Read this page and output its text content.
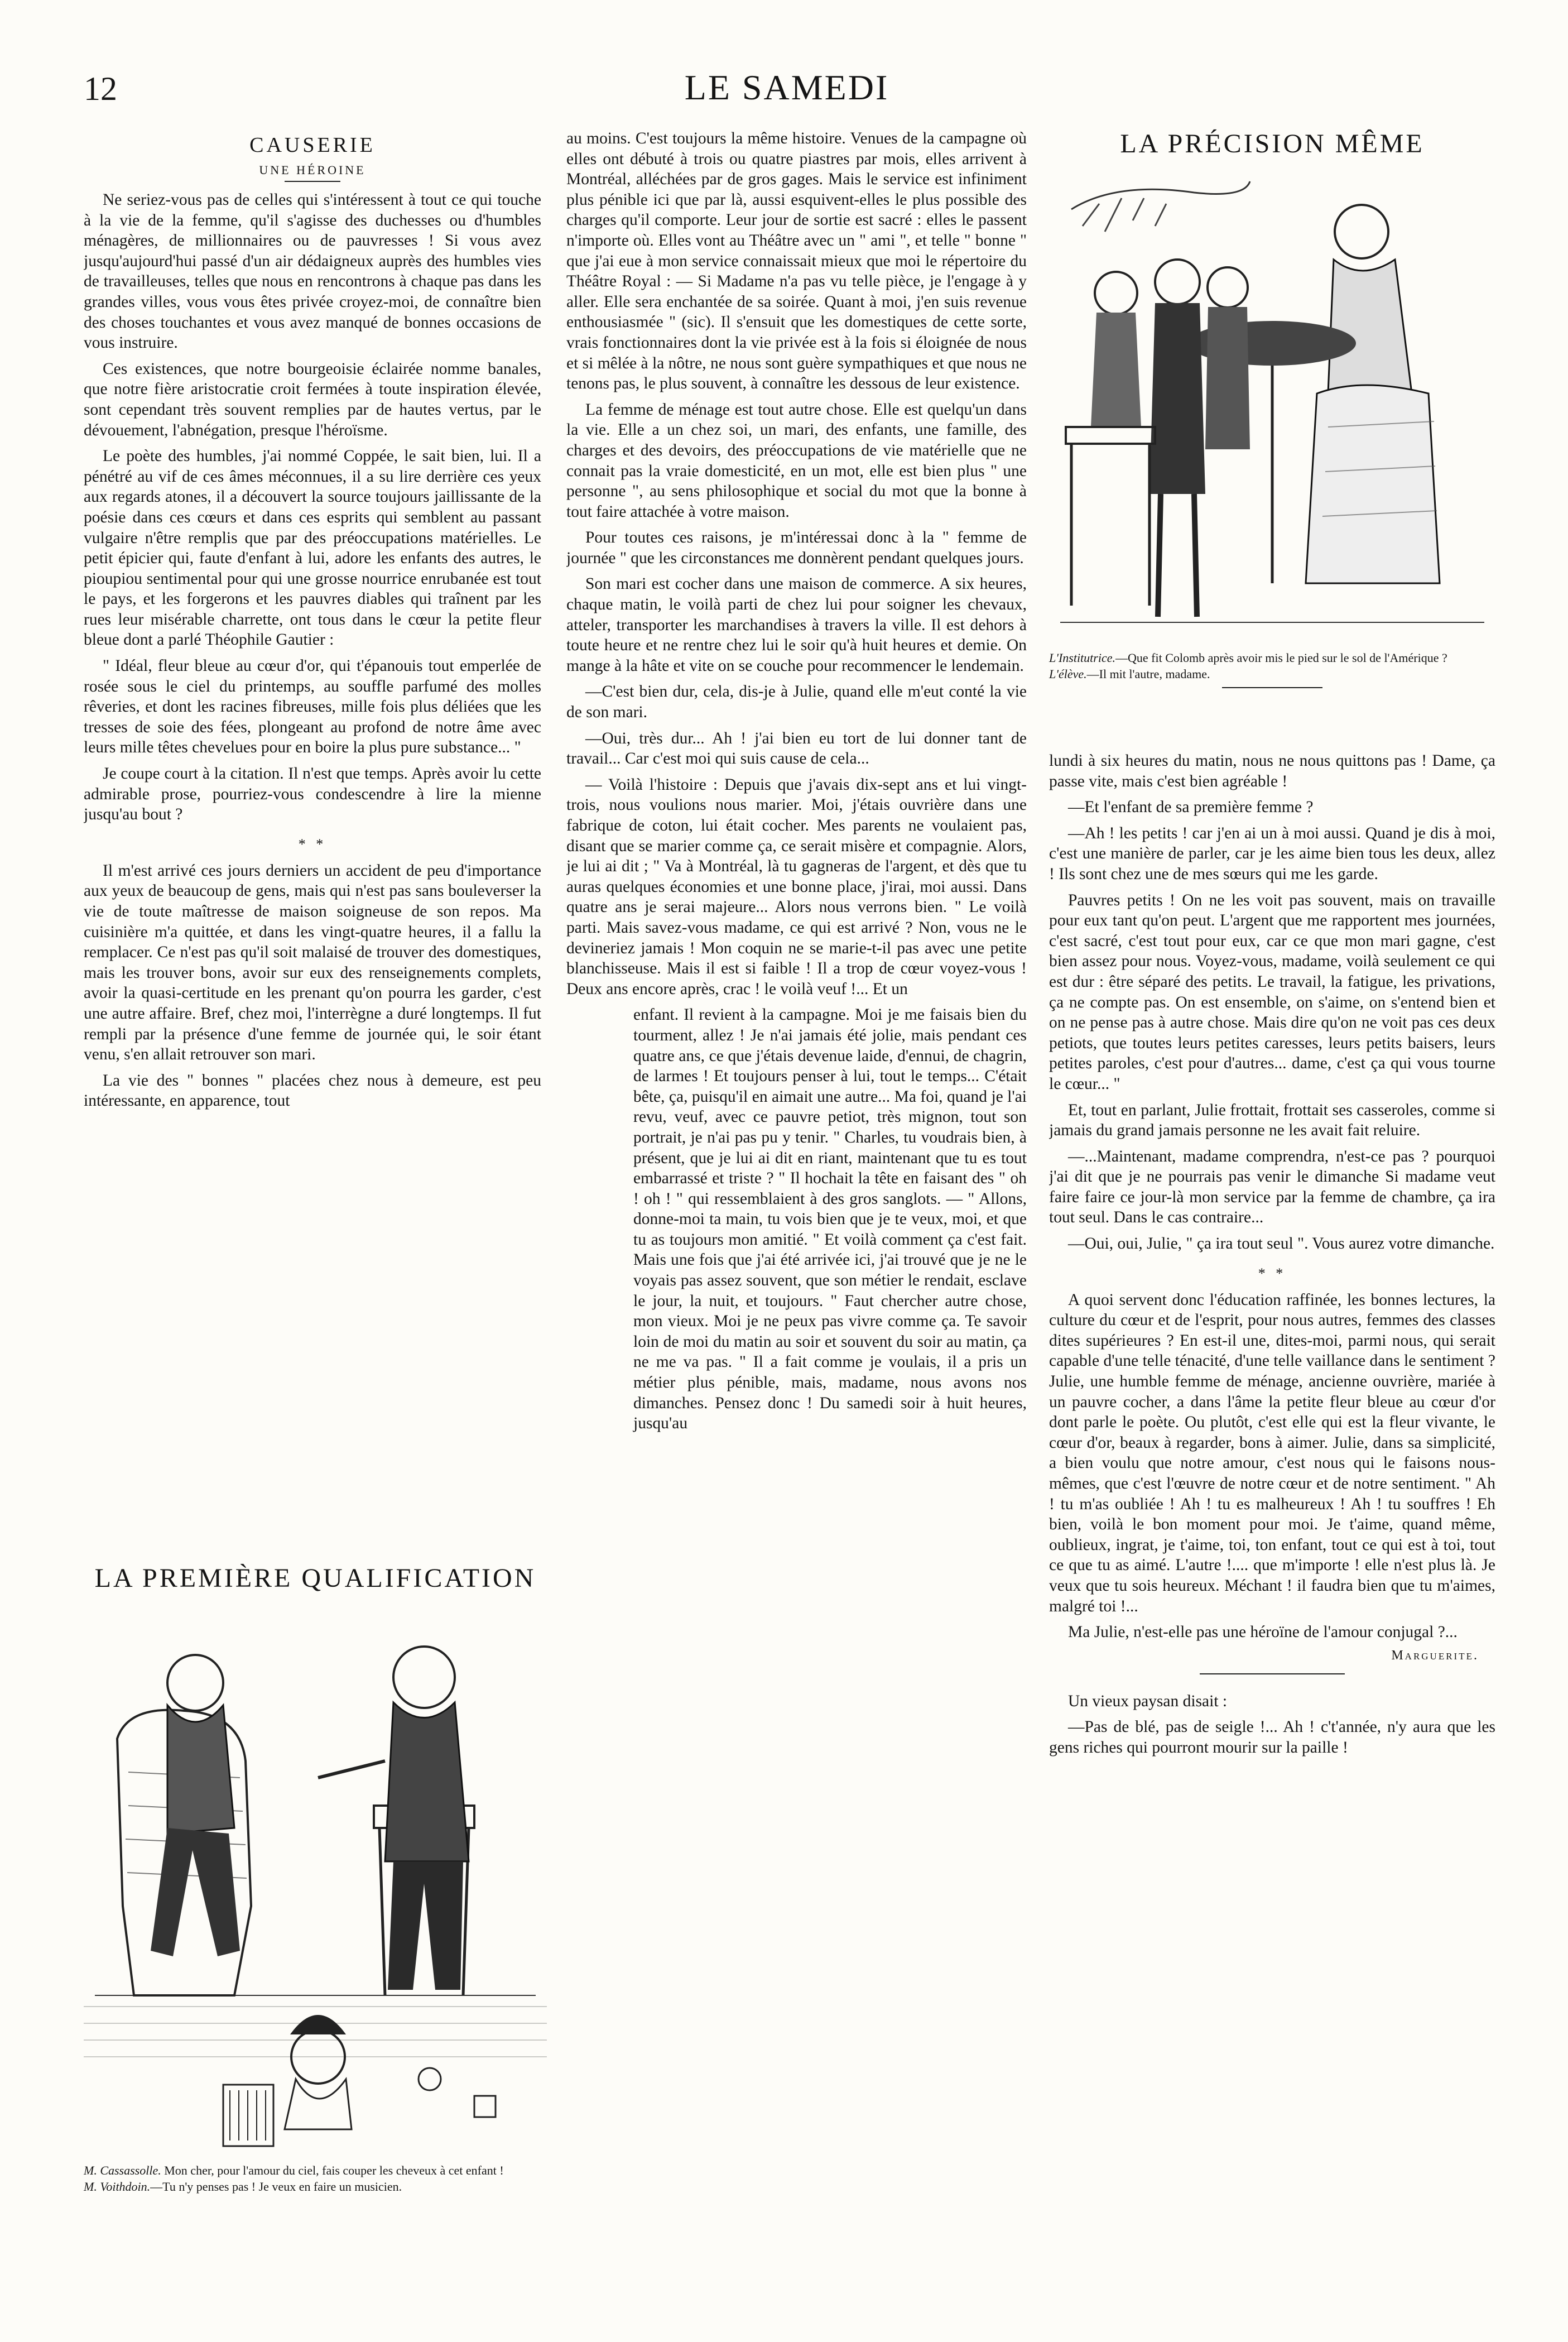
12	LE SAMEDI
CAUSERIE
UNE HÉROINE

Ne seriez-vous pas de celles qui s'intéressent à tout ce qui touche à la vie de la femme, qu'il s'agisse des duchesses ou d'humbles ménagères, de millionnaires ou de pauvresses ! Si vous avez jusqu'aujourd'hui passé d'un air dédaigneux auprès des humbles vies de travailleuses, telles que nous en rencontrons à chaque pas dans les grandes villes, vous vous êtes privée croyez-moi, de connaître bien des choses touchantes et vous avez manqué de bonnes occasions de vous instruire.

Ces existences, que notre bourgeoisie éclairée nomme banales, que notre fière aristocratie croit fermées à toute inspiration élevée, sont cependant très souvent remplies par de hautes vertus, par le dévouement, l'abnégation, presque l'héroïsme.

Le poète des humbles, j'ai nommé Coppée, le sait bien, lui. Il a pénétré au vif de ces âmes méconnues, il a su lire derrière ces yeux aux regards atones, il a découvert la source toujours jaillissante de la poésie dans ces cœurs et dans ces esprits qui semblent au passant vulgaire n'être remplis que par des préoccupations matérielles. Le petit épicier qui, faute d'enfant à lui, adore les enfants des autres, le pioupiou sentimental pour qui une grosse nourrice enrubanée est tout le pays, et les forgerons et les pauvres diables qui traînent par les rues leur misérable charrette, ont tous dans le cœur la petite fleur bleue dont a parlé Théophile Gautier :

" Idéal, fleur bleue au cœur d'or, qui t'épanouis tout emperlée de rosée sous le ciel du printemps, au souffle parfumé des molles rêveries, et dont les racines fibreuses, mille fois plus déliées que les tresses de soie des fées, plongeant au profond de notre âme avec leurs mille têtes chevelues pour en boire la plus pure substance... "

Je coupe court à la citation. Il n'est que temps. Après avoir lu cette admirable prose, pourriez-vous condescendre à lire la mienne jusqu'au bout ?

* *

Il m'est arrivé ces jours derniers un accident de peu d'importance aux yeux de beaucoup de gens, mais qui n'est pas sans bouleverser la vie de toute maîtresse de maison soigneuse de son repos. Ma cuisinière m'a quittée, et dans les vingt-quatre heures, il a fallu la remplacer. Ce n'est pas qu'il soit malaisé de trouver des domestiques, mais les trouver bons, avoir sur eux des renseignements complets, avoir la quasi-certitude en les prenant qu'on pourra les garder, c'est une autre affaire. Bref, chez moi, l'interrègne a duré longtemps. Il fut rempli par la présence d'une femme de journée qui, le soir étant venu, s'en allait retrouver son mari.

La vie des " bonnes " placées chez nous à demeure, est peu intéressante, en apparence, tout

LA PREMIÈRE QUALIFICATION

M. Cassassolle. Mon cher, pour l'amour du ciel, fais couper les cheveux à cet enfant !

M. Voithdoin.—Tu n'y penses pas ! Je veux en faire un musicien.

au moins. C'est toujours la même histoire. Venues de la campagne où elles ont débuté à trois ou quatre piastres par mois, elles arrivent à Montréal, alléchées par de gros gages. Mais le service est infiniment plus pénible ici que par là, aussi esquivent-elles le plus possible des charges qu'il comporte. Leur jour de sortie est sacré : elles le passent n'importe où. Elles vont au Théâtre avec un " ami ", et telle " bonne " que j'ai eue à mon service connaissait mieux que moi le répertoire du Théâtre Royal : — Si Madame n'a pas vu telle pièce, je l'engage à y aller. Elle sera enchantée de sa soirée. Quant à moi, j'en suis revenue enthousiasmée " (sic). Il s'ensuit que les domestiques de cette sorte, vrais fonctionnaires dont la vie privée est à la fois si éloignée de nous et si mêlée à la nôtre, ne nous sont guère sympathiques et que nous ne tenons pas, le plus souvent, à connaître les dessous de leur existence.

La femme de ménage est tout autre chose. Elle est quelqu'un dans la vie. Elle a un chez soi, un mari, des enfants, une famille, des charges et des devoirs, des préoccupations de vie matérielle que ne connait pas la vraie domesticité, en un mot, elle est bien plus " une personne ", au sens philosophique et social du mot que la bonne à tout faire attachée à votre maison.

Pour toutes ces raisons, je m'intéressai donc à la " femme de journée " que les circonstances me donnèrent pendant quelques jours.

Son mari est cocher dans une maison de commerce. A six heures, chaque matin, le voilà parti de chez lui pour soigner les chevaux, atteler, transporter les marchandises à travers la ville. Il est dehors à toute heure et ne rentre chez lui le soir qu'à huit heures et demie. On mange à la hâte et vite on se couche pour recommencer le lendemain.

—C'est bien dur, cela, dis-je à Julie, quand elle m'eut conté la vie de son mari.

—Oui, très dur... Ah ! j'ai bien eu tort de lui donner tant de travail... Car c'est moi qui suis cause de cela...

— Voilà l'histoire : Depuis que j'avais dix-sept ans et lui vingt-trois, nous voulions nous marier. Moi, j'étais ouvrière dans une fabrique de coton, lui était cocher. Mes parents ne voulaient pas, disant que se marier comme ça, ce serait misère et compagnie. Alors, je lui ai dit ; " Va à Montréal, là tu gagneras de l'argent, et dès que tu auras quelques économies et une bonne place, j'irai, moi aussi. Dans quatre ans je serai majeure... Alors nous verrons bien. " Le voilà parti. Mais savez-vous madame, ce qui est arrivé ? Non, vous ne le devineriez jamais ! Mon coquin ne se marie-t-il pas avec une petite blanchisseuse. Mais il est si faible ! Il a trop de cœur voyez-vous ! Deux ans encore après, crac ! le voilà veuf !... Et un

enfant. Il revient à la campagne. Moi je me faisais bien du tourment, allez ! Je n'ai jamais été jolie, mais pendant ces quatre ans, ce que j'étais devenue laide, d'ennui, de chagrin, de larmes ! Et toujours penser à lui, tout le temps... C'était bête, ça, puisqu'il en aimait une autre... Ma foi, quand je l'ai revu, veuf, avec ce pauvre petiot, très mignon, tout son portrait, je n'ai pas pu y tenir. " Charles, tu voudrais bien, à présent, que je lui ai dit en riant, maintenant que tu es tout embarrassé et triste ? " Il hochait la tête en faisant des " oh ! oh ! " qui ressemblaient à des gros sanglots. — " Allons, donne-moi ta main, tu vois bien que je te veux, moi, et que tu as toujours mon amitié. " Et voilà comment ça c'est fait. Mais une fois que j'ai été arrivée ici, j'ai trouvé que je ne le voyais pas assez souvent, que son métier le rendait, esclave le jour, la nuit, et toujours. " Faut chercher autre chose, mon vieux. Moi je ne peux pas vivre comme ça. Te savoir loin de moi du matin au soir et souvent du soir au matin, ça ne me va pas. " Il a fait comme je voulais, il a pris un métier plus pénible, mais, madame, nous avons nos dimanches. Pensez donc ! Du samedi soir à huit heures, jusqu'au

LA PRÉCISION MÊME

L'Institutrice.—Que fit Colomb après avoir mis le pied sur le sol de l'Amérique ?

L'élève.—Il mit l'autre, madame.

lundi à six heures du matin, nous ne nous quittons pas ! Dame, ça passe vite, mais c'est bien agréable !

—Et l'enfant de sa première femme ?

—Ah ! les petits ! car j'en ai un à moi aussi. Quand je dis à moi, c'est une manière de parler, car je les aime bien tous les deux, allez ! Ils sont chez une de mes sœurs qui me les garde.

Pauvres petits ! On ne les voit pas souvent, mais on travaille pour eux tant qu'on peut. L'argent que me rapportent mes journées, c'est sacré, c'est tout pour eux, car ce que mon mari gagne, c'est bien assez pour nous. Voyez-vous, madame, voilà seulement ce qui est dur : être séparé des petits. Le travail, la fatigue, les privations, ça ne compte pas. On est ensemble, on s'aime, on s'entend bien et on ne pense pas à autre chose. Mais dire qu'on ne voit pas ces deux petiots, que toutes leurs petites caresses, leurs petits baisers, leurs petites paroles, c'est pour d'autres... dame, c'est ça qui vous tourne le cœur... "

Et, tout en parlant, Julie frottait, frottait ses casseroles, comme si jamais du grand jamais personne ne les avait fait reluire.

—...Maintenant, madame comprendra, n'est-ce pas ? pourquoi j'ai dit que je ne pourrais pas venir le dimanche Si madame veut faire faire ce jour-là mon service par la femme de chambre, ça ira tout seul. Dans le cas contraire...

—Oui, oui, Julie, " ça ira tout seul ". Vous aurez votre dimanche.

* *

A quoi servent donc l'éducation raffinée, les bonnes lectures, la culture du cœur et de l'esprit, pour nous autres, femmes des classes dites supérieures ? En est-il une, dites-moi, parmi nous, qui serait capable d'une telle ténacité, d'une telle vaillance dans le sentiment ? Julie, une humble femme de ménage, ancienne ouvrière, mariée à un pauvre cocher, a dans l'âme la petite fleur bleue au cœur d'or dont parle le poète. Ou plutôt, c'est elle qui est la fleur vivante, le cœur d'or, beaux à regarder, bons à aimer. Julie, dans sa simplicité, a bien voulu que notre amour, c'est nous qui le faisons nous-mêmes, que c'est l'œuvre de notre cœur et de notre sentiment. " Ah ! tu m'as oubliée ! Ah ! tu es malheureux ! Ah ! tu souffres ! Eh bien, voilà le bon moment pour moi. Je t'aime, quand même, oublieux, ingrat, je t'aime, toi, ton enfant, tout ce qui est à toi, tout ce que tu as aimé. L'autre !.... que m'importe ! elle n'est plus là. Je veux que tu sois heureux. Méchant ! il faudra bien que tu m'aimes, malgré toi !...

Ma Julie, n'est-elle pas une héroïne de l'amour conjugal ?...

Marguerite.

Un vieux paysan disait :

—Pas de blé, pas de seigle !... Ah ! c't'année, n'y aura que les gens riches qui pourront mourir sur la paille !
